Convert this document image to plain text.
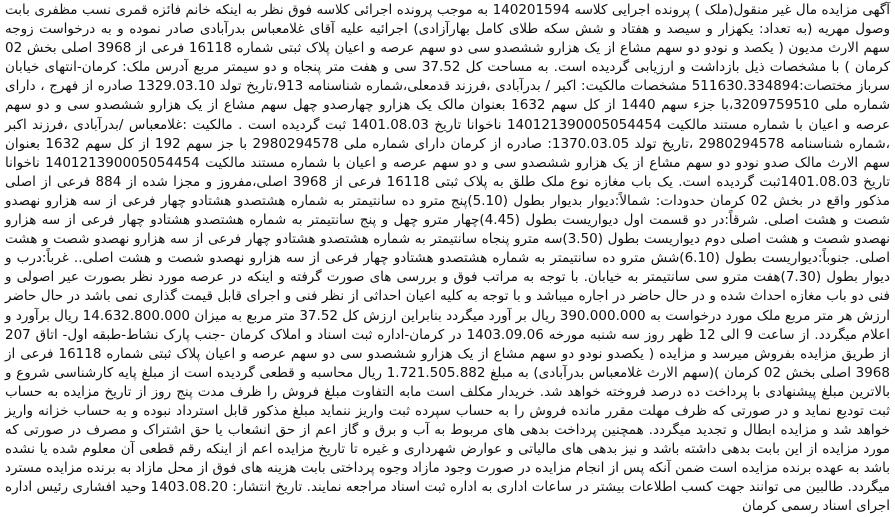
آگهی مزایده مال غیر منقول(ملک ) پرونده اجرایی کلاسه 140201594 به موجب پرونده اجرائی کلاسه فوق نظر به اینکه خانم فائزه قمری نسب مظفری بابت وصول مهریه (به تعداد: یکهزار و سیصد و هفتاد و شش سکه طلای کامل بهارآزادی) اجرائیه علیه آقای غلامعباس بدرآبادی صادر نموده و به درخواست زوجه سهم الارث مدیون ( یکصد و نودو دو سهم مشاع از یک هزارو ششصدو سی دو سهم عرصه و اعیان پلاک ثبتی شماره 16118 فرعی از 3968 اصلی بخش 02 کرمان ) با مشخصات ذیل بازداشت و ارزیابی گردیده است. به مساحت کل 37.52 سی و هفت متر پنجاه و دو سیمتر مربع آدرس ملک: کرمان-انتهای خیابان سرباز مختصات:511630.334894 مشخصات مالکیت: اکبر / بدرآبادی ،فرزند قدمعلی،شماره شناسنامه 913،تاریخ تولد 1329.03.10 صادره از فهرج ، دارای شماره ملی 3209759510،با جزء سهم 1440 از کل سهم 1632 بعنوان مالک یک هزارو چهارصدو چهل سهم مشاع از یک هزارو ششصدو سی و دو سهم عرصه و اعیان با شماره مستند مالکیت 140121390005054454 ناخوانا تاریخ 1401.08.03 ثبت گردیده است . مالکیت :غلامعباس /بدرآبادی ،فرزند اکبر ،شماره شناسنامه 2980294578 ،تاریخ تولد 1370.03.05: صادره از کرمان دارای شماره ملی 2980294578 با جز سهم 192 از کل سهم 1632 بعنوان سهم الارث مالک صدو نودو دو سهم مشاع از یک هزارو ششصدو سی و دو سهم عرصه و اعیان با شماره مستند مالکیت 140121390005054454 ناخوانا تاریخ 1401.08.03ثبت گردیده است. یک باب مغازه نوع ملک طلق به پلاک ثبتی 16118 فرعی از 3968 اصلی،مفروز و مجزا شده از 884 فرعی از اصلی مذکور واقع در بخش 02 کرمان حدودات: شمالاً:دیوار بدیوار بطول (5.10)پنج مترو ده سانتیمتر به شماره هشتصدو هشتادو چهار فرعی از سه هزارو نهصدو شصت و هشت اصلی. شرقاً:در دو قسمت اول دیواریست بطول (4.45)چهار مترو چهل و پنج سانتیمتر به شماره هشتصدو هشتادو چهار فرعی از سه هزارو نهصدو شصت و هشت اصلی دوم دیواریست بطول (3.50)سه مترو پنجاه سانتیمتر به شماره هشتصدو هشتادو چهار فرعی از سه هزارو نهصدو شصت و هشت اصلی. جنوباً:دیواریست بطول (6.10)شش مترو ده سانتیمتر به شماره هشتصدو هشتادو چهار فرعی از سه هزارو نهصدو شصت و هشت اصلی.. غرباً:درب و دیوار بطول (7.30)هفت مترو سی سانتیمتر به خیابان. با توجه به مراتب فوق و بررسی های صورت گرفته و اینکه در عرصه مورد نظر بصورت عیر اصولی و فنی دو باب مغازه احداث شده و در حال حاضر در اجاره میباشد و با توجه به کلیه اعیان احداثی از نظر فنی و اجرای قابل قیمت گذاری نمی باشد در حال حاضر ارزش هر متر مربع ملک مورد درخواست به 390.000.000 ریال بر آورد میگردد بنابراین ارزش کل 37.52 متر مربع به میزان 14.632.800.000 ریال برآورد و اعلام میگردد. از ساعت 9 الی 12 ظهر روز سه شنبه مورخه 1403.09.06 در کرمان-اداره ثبت اسناد و املاک کرمان -جنب پارک نشاط-طبقه اول- اتاق 207 از طریق مزایده بفروش میرسد و مزایده ( یکصدو نودو دو سهم مشاع از یک هزارو ششصدو سی دو سهم عرصه و اعیان پلاک ثبتی شماره 16118 فرعی از 3968 اصلی بخش 02 کرمان )(سهم الارث غلامعباس بدرآبادی) به مبلغ 1.721.505.882 ریال محاسبه و قطعی گردیده است از مبلغ پایه کارشناسی شروع و بالاترین مبلغ پیشنهادی با پرداخت ده درصد فروخته خواهد شد. خریدار مکلف است مابه التفاوت مبلغ فروش را ظرف مدت پنج روز از تاریخ مزایده به حساب ثبت تودیع نماید و در صورتی که ظرف مهلت مقرر مانده فروش را به حساب سپرده ثبت واریز ننماید مبلغ مذکور قابل استرداد نبوده و به حساب خزانه واریز خواهد شد و مزایده ابطال و تجدید میگردد. همچنین پرداخت بدهی های مربوط به آب و برق و گاز اعم از حق انشعاب یا حق اشتراک و مصرف در صورتی که مورد مزایده از این بابت بدهی داشته باشد و نیز بدهی های مالیاتی و عوارض شهرداری و غیره تا تاریخ مزایده اعم از اینکه رقم قطعی آن معلوم شده یا نشده باشد به عهده برنده مزایده است ضمن آنکه پس از انجام مزایده در صورت وجود مازاد وجوه پرداختی بابت هزینه های فوق از محل مازاد به برنده مزایده مسترد میگردد. طالبین می توانند جهت کسب اطلاعات بیشتر در ساعات اداری به اداره ثبت اسناد مراجعه نمایند. تاریخ انتشار: 1403.08.20 وحید افشاری رئیس اداره اجرای اسناد رسمی کرمان
